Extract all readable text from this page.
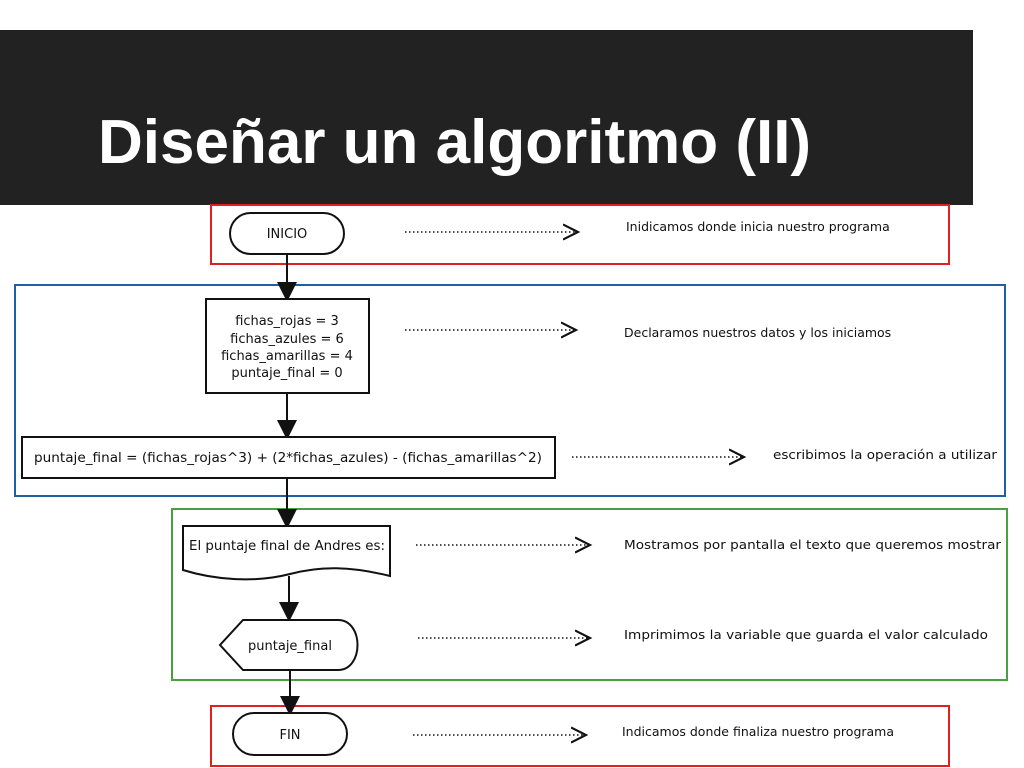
Diseñar un algoritmo (II)
INICIO
fichas_rojas = 3
fichas_azules = 6
fichas_amarillas = 4
puntaje_final = 0
puntaje_final = (fichas_rojas^3) + (2*fichas_azules) - (fichas_amarillas^2)
El puntaje final de Andres es:
puntaje_final
FIN
Inidicamos donde inicia nuestro programa
Declaramos nuestros datos y los iniciamos
escribimos la operación a utilizar
Mostramos por pantalla el texto que queremos mostrar
Imprimimos la variable que guarda el valor calculado
Indicamos donde finaliza nuestro programa
